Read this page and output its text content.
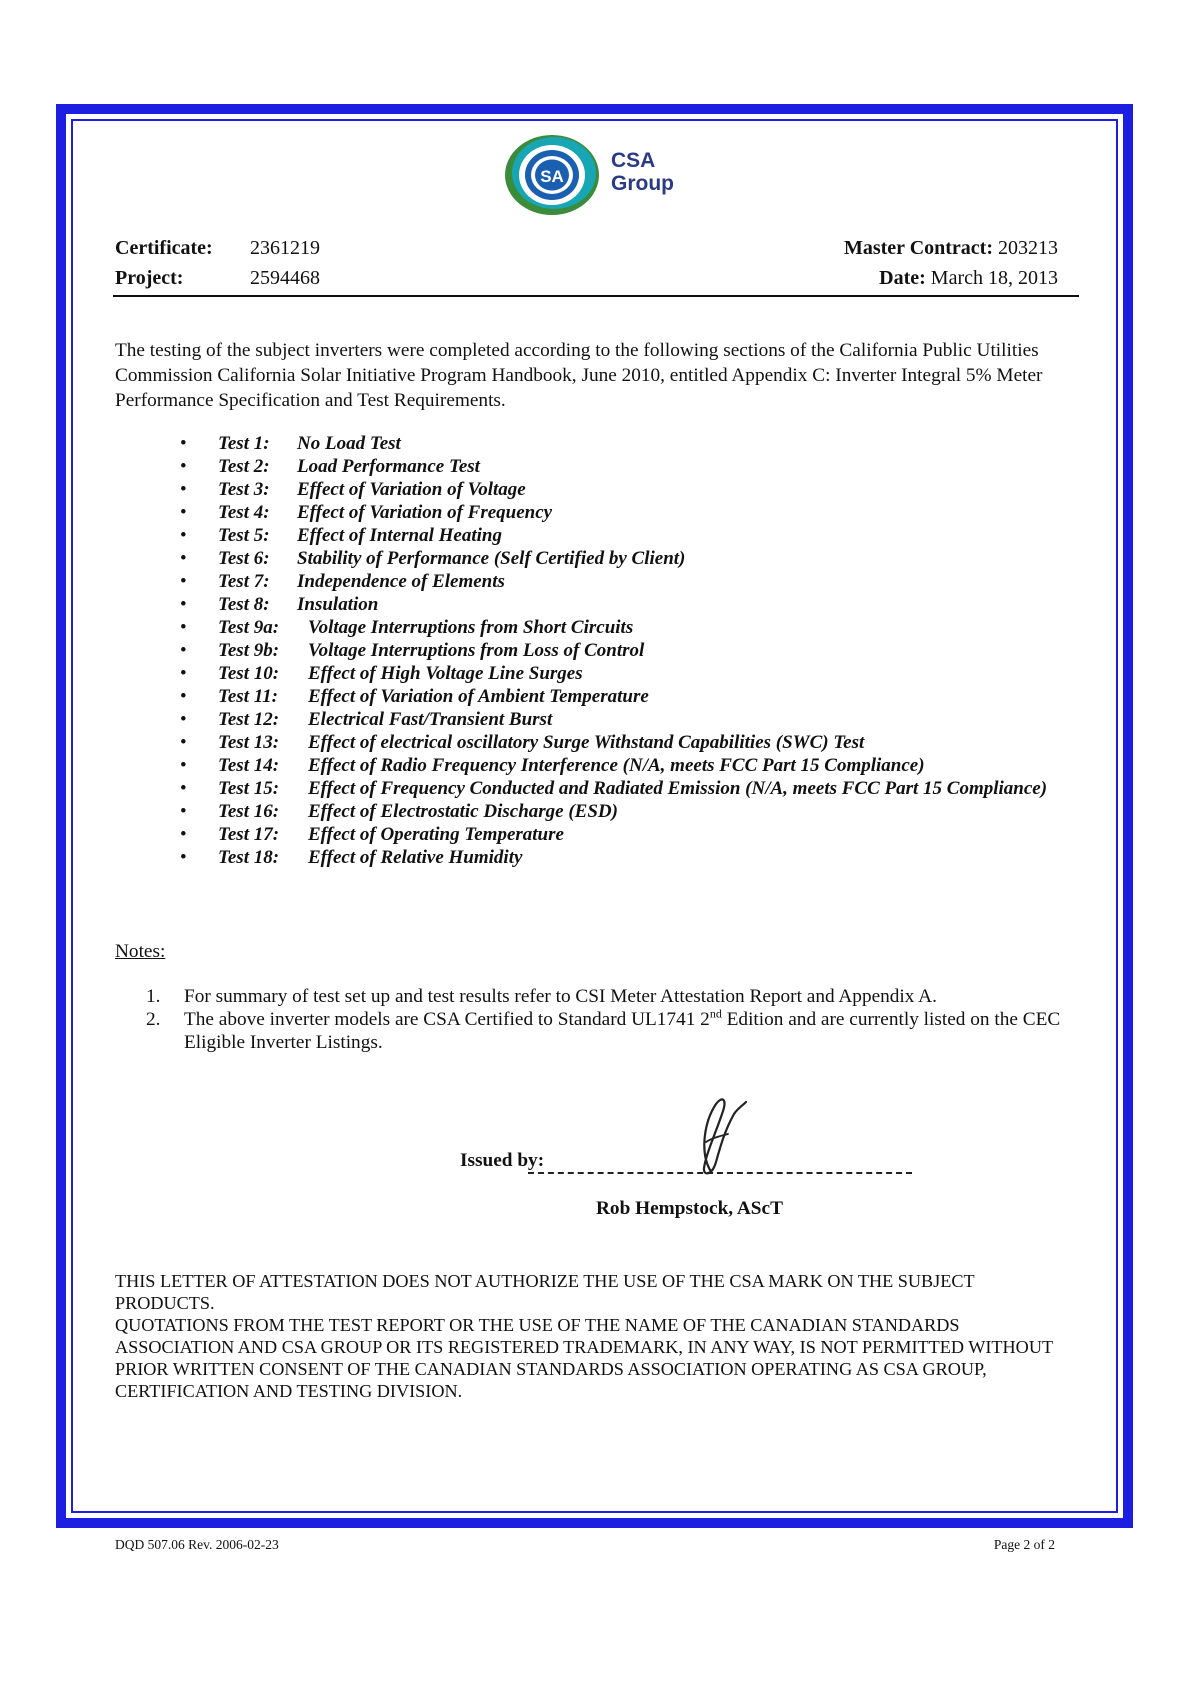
SA
CSA
Group
Certificate: 2361219
Project:	2594468
Master Contract: 203213
Date: March 18, 2013
The testing of the subject inverters were completed according to the following sections of the California Public Utilities Commission California Solar Initiative Program Handbook, June 2010, entitled Appendix C: Inverter Integral 5% Meter Performance Specification and Test Requirements.
• Test 1: No Load Test
• Test 2: Load Performance Test
• Test 3: Effect of Variation of Voltage
• Test 4: Effect of Variation of Frequency
• Test 5: Effect of Internal Heating
• Test 6: Stability of Performance (Self Certified by Client)
• Test 7: Independence of Elements
• Test 8: Insulation
• Test 9a: Voltage Interruptions from Short Circuits
• Test 9b: Voltage Interruptions from Loss of Control
• Test 10: Effect of High Voltage Line Surges
• Test 11: Effect of Variation of Ambient Temperature
• Test 12: Electrical Fast/Transient Burst
• Test 13: Effect of electrical oscillatory Surge Withstand Capabilities (SWC) Test
• Test 14: Effect of Radio Frequency Interference (N/A, meets FCC Part 15 Compliance)
• Test 15: Effect of Frequency Conducted and Radiated Emission (N/A, meets FCC Part 15 Compliance)
• Test 16: Effect of Electrostatic Discharge (ESD)
• Test 17: Effect of Operating Temperature
• Test 18: Effect of Relative Humidity
Notes:
1. For summary of test set up and test results refer to CSI Meter Attestation Report and Appendix A.
2. The above inverter models are CSA Certified to Standard UL1741 2nd Edition and are currently listed on the CEC Eligible Inverter Listings.
Issued by:
Rob Hempstock, AScT

THIS LETTER OF ATTESTATION DOES NOT AUTHORIZE THE USE OF THE CSA MARK ON THE SUBJECT PRODUCTS.

QUOTATIONS FROM THE TEST REPORT OR THE USE OF THE NAME OF THE CANADIAN STANDARDS ASSOCIATION AND CSA GROUP OR ITS REGISTERED TRADEMARK, IN ANY WAY, IS NOT PERMITTED WITHOUT PRIOR WRITTEN CONSENT OF THE CANADIAN STANDARDS ASSOCIATION OPERATING AS CSA GROUP, CERTIFICATION AND TESTING DIVISION.

DQD 507.06 Rev. 2006-02-23	Page 2 of 2
